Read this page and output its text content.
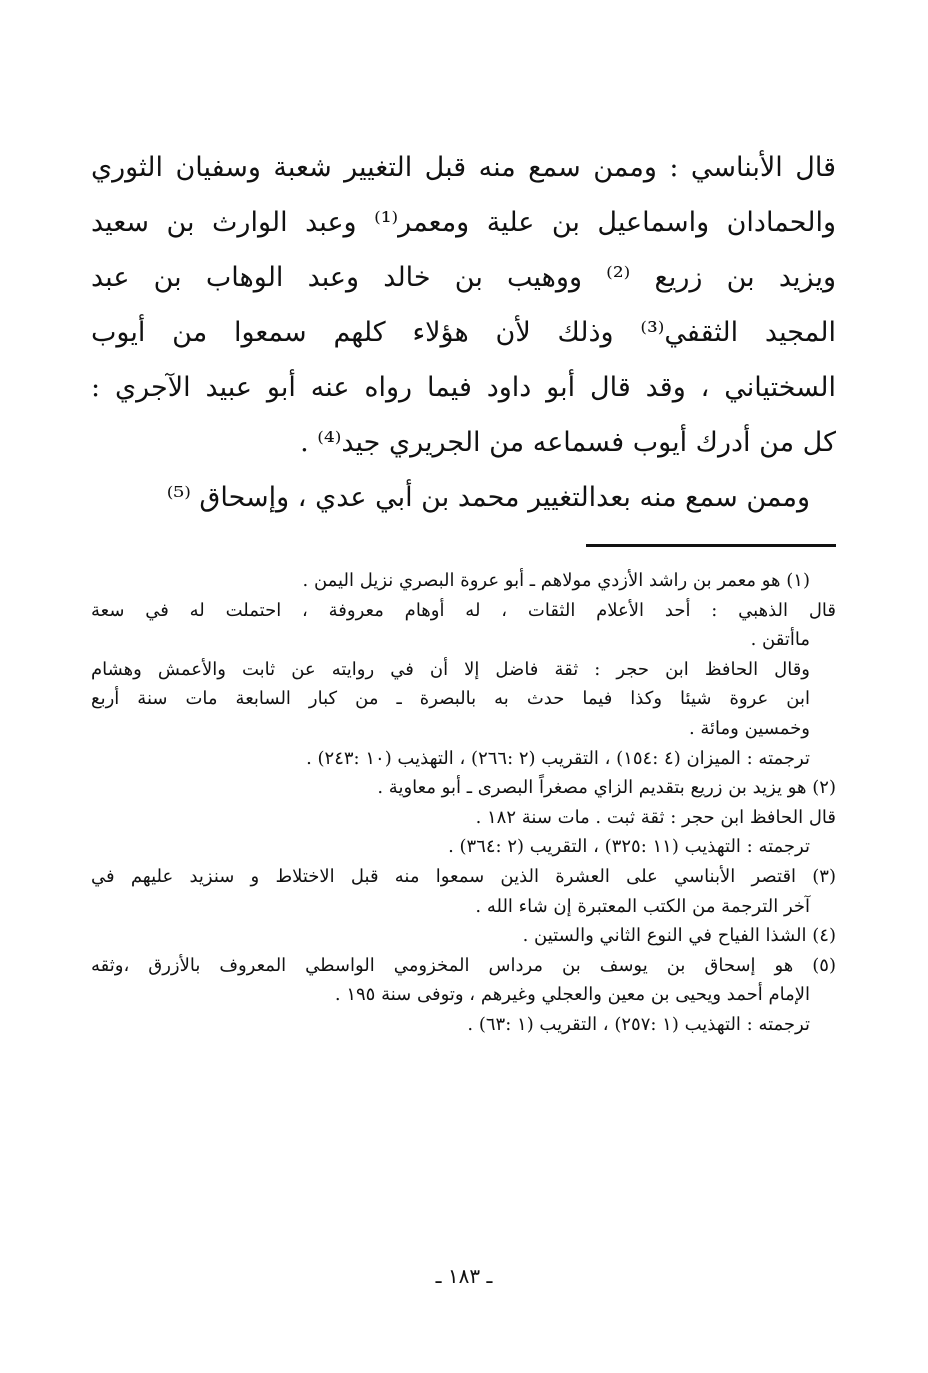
قال الأبناسي : وممن سمع منه قبل التغيير شعبة وسفيان الثوري
والحمادان واسماعيل بن علية ومعمر⁽¹⁾ وعبد الوارث بن سعيد
ويزيد بن زريع ⁽²⁾ ووهيب بن خالد وعبد الوهاب بن عبد
المجيد الثقفي⁽³⁾ وذلك لأن هؤلاء كلهم سمعوا من أيوب
السختياني ، وقد قال أبو داود فيما رواه عنه أبو عبيد الآجري :
كل من أدرك أيوب فسماعه من الجريري جيد⁽⁴⁾ .
وممن سمع منه بعدالتغيير محمد بن أبي عدي ، وإسحاق ⁽⁵⁾
(١) هو معمر بن راشد الأزدي مولاهم ـ أبو عروة البصري نزيل اليمن .
قال الذهبي : أحد الأعلام الثقات ، له أوهام معروفة ، احتملت له في سعة
ماأتقن .
وقال الحافظ ابن حجر : ثقة فاضل إلا أن في روايته عن ثابت والأعمش وهشام
ابن عروة شيئا وكذا فيما حدث به بالبصرة ـ من كبار السابعة مات سنة أربع
وخمسين ومائة .
ترجمته : الميزان (٤ :١٥٤) ، التقريب (٢ :٢٦٦) ، التهذيب (١٠ :٢٤٣) .
(٢) هو يزيد بن زريع بتقديم الزاي مصغراً البصرى ـ أبو معاوية .
قال الحافظ ابن حجر : ثقة ثبت . مات سنة ١٨٢ .
ترجمته : التهذيب (١١ :٣٢٥) ، التقريب (٢ :٣٦٤) .
(٣) اقتصر الأبناسي على العشرة الذين سمعوا منه قبل الاختلاط و سنزيد عليهم في
آخر الترجمة من الكتب المعتبرة إن شاء الله .
(٤) الشذا الفياح في النوع الثاني والستين .
(٥) هو إسحاق بن يوسف بن مرداس المخزومي الواسطي المعروف بالأزرق ،وثقه
الإمام أحمد ويحيى بن معين والعجلي وغيرهم ، وتوفى سنة ١٩٥ .
ترجمته : التهذيب (١ :٢٥٧) ، التقريب (١ :٦٣) .
ـ ١٨٣ ـ
